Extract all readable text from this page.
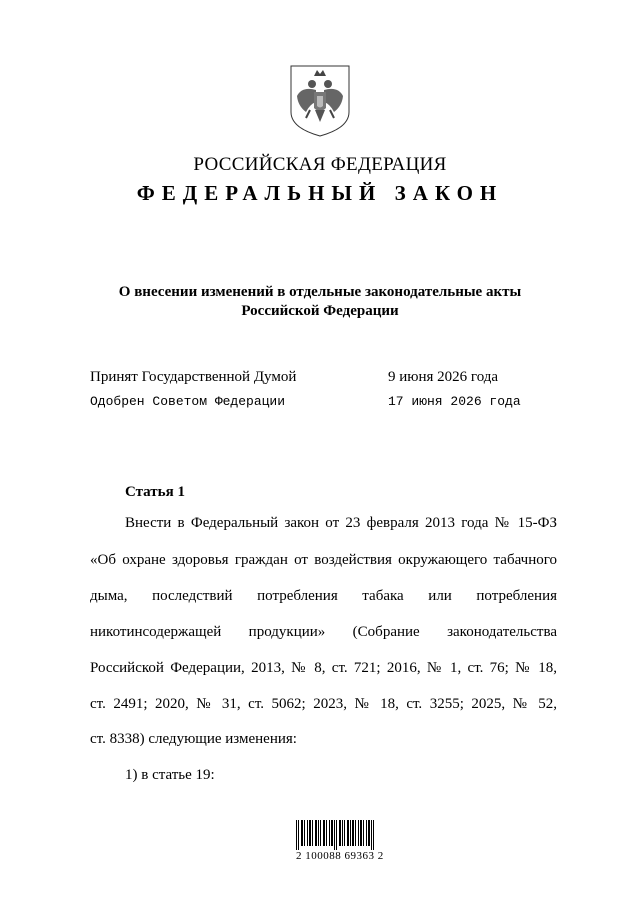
РОССИЙСКАЯ ФЕДЕРАЦИЯ
ФЕДЕРАЛЬНЫЙ ЗАКОН
О внесении изменений в отдельные законодательные акты
Российской Федерации
Принят Государственной Думой	9 июня 2026 года
Одобрен Советом Федерации	17 июня 2026 года
Статья 1
Внести в Федеральный закон от 23 февраля 2013 года № 15-ФЗ
«Об охране здоровья граждан от воздействия окружающего табачного
дыма, последствий потребления табака или потребления
никотинсодержащей продукции» (Собрание законодательства
Российской Федерации, 2013, № 8, ст. 721; 2016, № 1, ст. 76; № 18,
ст. 2491; 2020, № 31, ст. 5062; 2023, № 18, ст. 3255; 2025, № 52,
ст. 8338) следующие изменения:
1) в статье 19:
2 100088 69363 2
